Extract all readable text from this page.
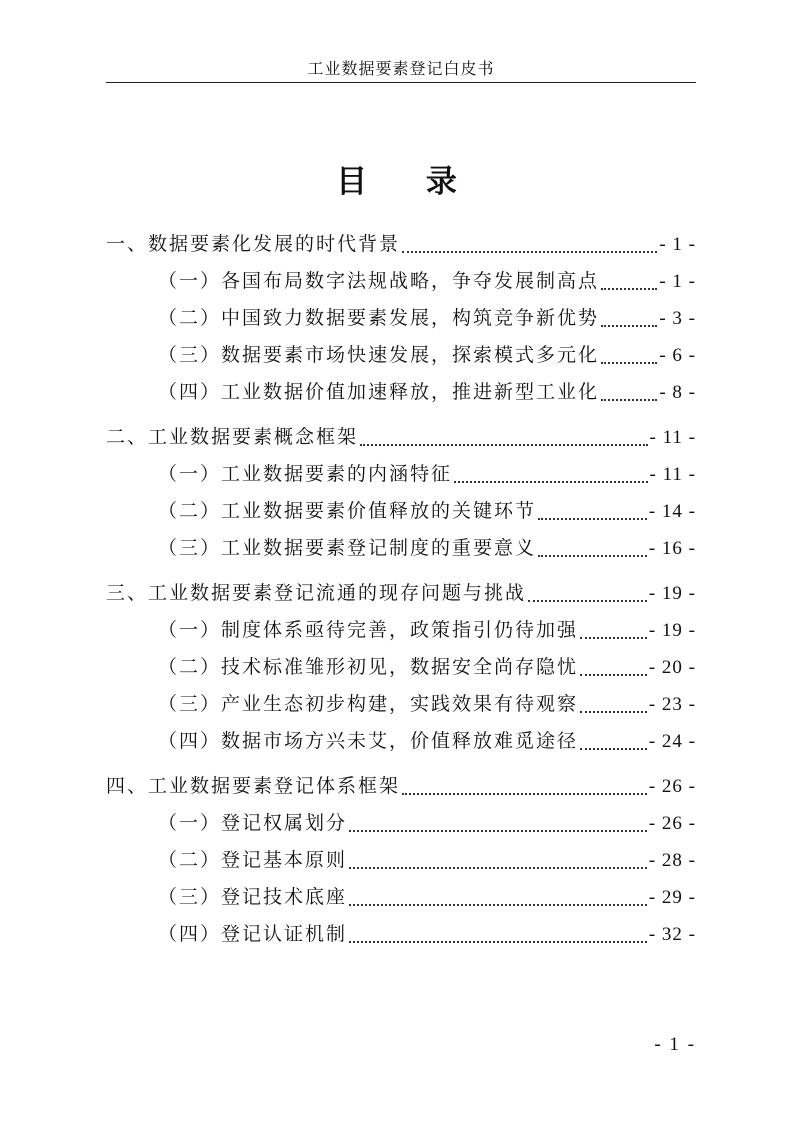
工业数据要素登记白皮书
目 录
一、数据要素化发展的时代背景	- 1 -
（一）各国布局数字法规战略，争夺发展制高点	- 1 -
（二）中国致力数据要素发展，构筑竞争新优势	- 3 -
（三）数据要素市场快速发展，探索模式多元化	- 6 -
（四）工业数据价值加速释放，推进新型工业化	- 8 -
二、工业数据要素概念框架	- 11 -
（一）工业数据要素的内涵特征	- 11 -
（二）工业数据要素价值释放的关键环节	- 14 -
（三）工业数据要素登记制度的重要意义	- 16 -
三、工业数据要素登记流通的现存问题与挑战	- 19 -
（一）制度体系亟待完善，政策指引仍待加强	- 19 -
（二）技术标准雏形初见，数据安全尚存隐忧	- 20 -
（三）产业生态初步构建，实践效果有待观察	- 23 -
（四）数据市场方兴未艾，价值释放难觅途径	- 24 -
四、工业数据要素登记体系框架	- 26 -
（一）登记权属划分	- 26 -
（二）登记基本原则	- 28 -
（三）登记技术底座	- 29 -
（四）登记认证机制	- 32 -
- 1 -
